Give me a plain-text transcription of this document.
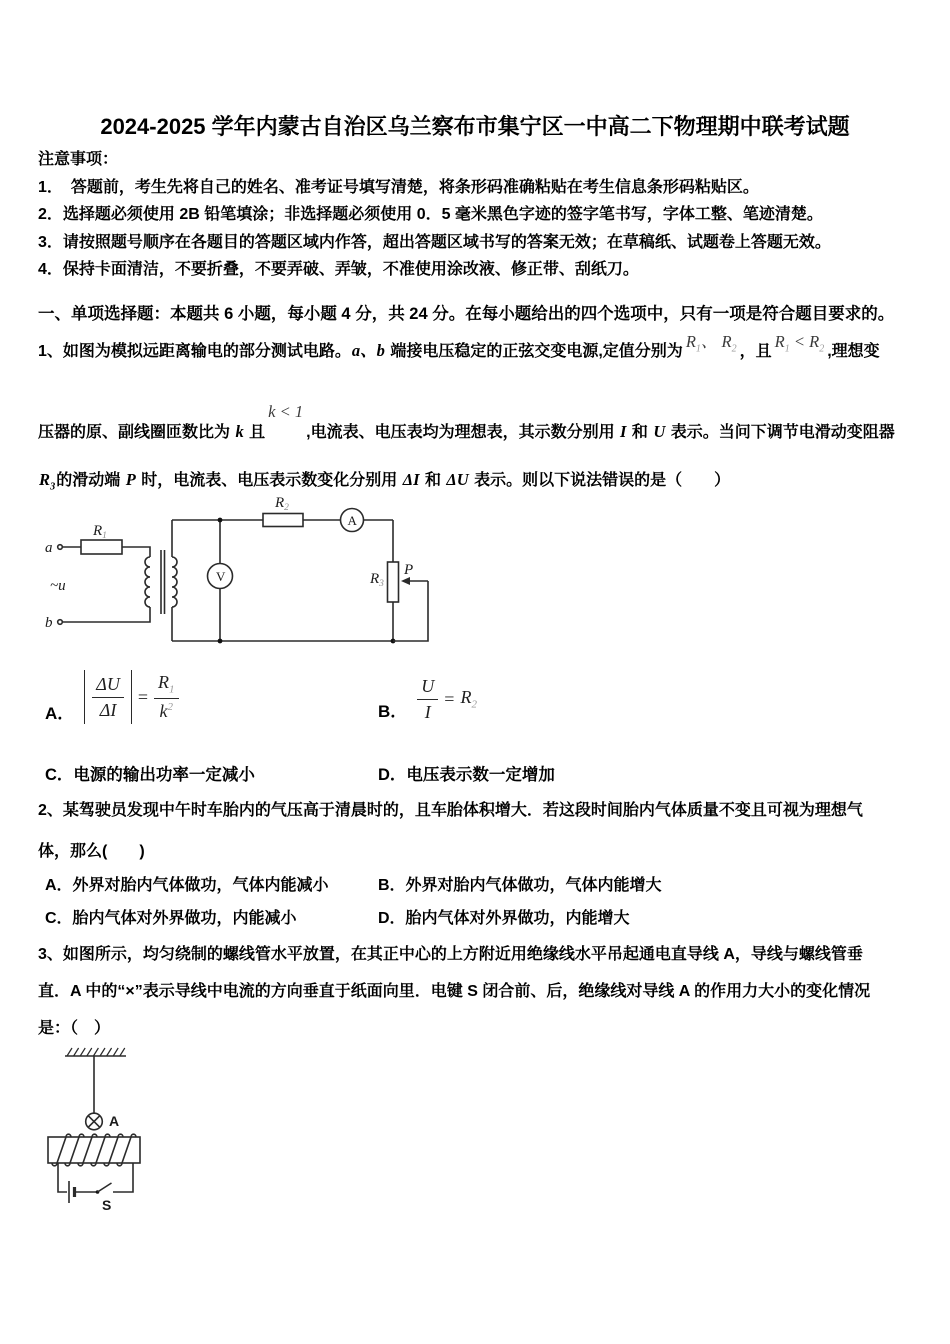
2024-2025 学年内蒙古自治区乌兰察布市集宁区一中高二下物理期中联考试题
注意事项：
1．　答题前，考生先将自己的姓名、准考证号填写清楚，将条形码准确粘贴在考生信息条形码粘贴区。
2．选择题必须使用 2B 铅笔填涂；非选择题必须使用 0．5 毫米黑色字迹的签字笔书写，字体工整、笔迹清楚。
3．请按照题号顺序在各题目的答题区域内作答，超出答题区域书写的答案无效；在草稿纸、试题卷上答题无效。
4．保持卡面清洁，不要折叠，不要弄破、弄皱，不准使用涂改液、修正带、刮纸刀。
一、单项选择题：本题共 6 小题，每小题 4 分，共 24 分。在每小题给出的四个选项中，只有一项是符合题目要求的。
1、如图为模拟远距离输电的部分测试电路。a、b 端接电压稳定的正弦交变电源,定值分别为$R_1$、 $R_2$ ，且$R_1 < R_2$ ,理想变
压器的原、副线圈匝数比为 k 且k < 1,电流表、电压表均为理想表，其示数分别用 I 和 U 表示。当问下调节电滑动变阻器
$R_3$的滑动端 P 时，电流表、电压表示数变化分别用 ΔI 和 ΔU 表示。则以下说法错误的是（　　）
a
~u
b
$R_1$
$R_2$
V
A
$R_3$
P
A． $\frac{\Delta U}{\Delta I} = \frac{R_1}{k^2}$	B． $\frac{U}{I} = R_2$
C．电源的输出功率一定减小	D．电压表示数一定增加
2、某驾驶员发现中午时车胎内的气压高于清晨时的，且车胎体积增大．若这段时间胎内气体质量不变且可视为理想气
体，那么(　　)
A．外界对胎内气体做功，气体内能减小	B．外界对胎内气体做功，气体内能增大
C．胎内气体对外界做功，内能减小	D．胎内气体对外界做功，内能增大
3、如图所示，均匀绕制的螺线管水平放置，在其正中心的上方附近用绝缘线水平吊起通电直导线 A，导线与螺线管垂
直．A 中的“×”表示导线中电流的方向垂直于纸面向里．电键 S 闭合前、后，绝缘线对导线 A 的作用力大小的变化情况
是：（　）
A
S
